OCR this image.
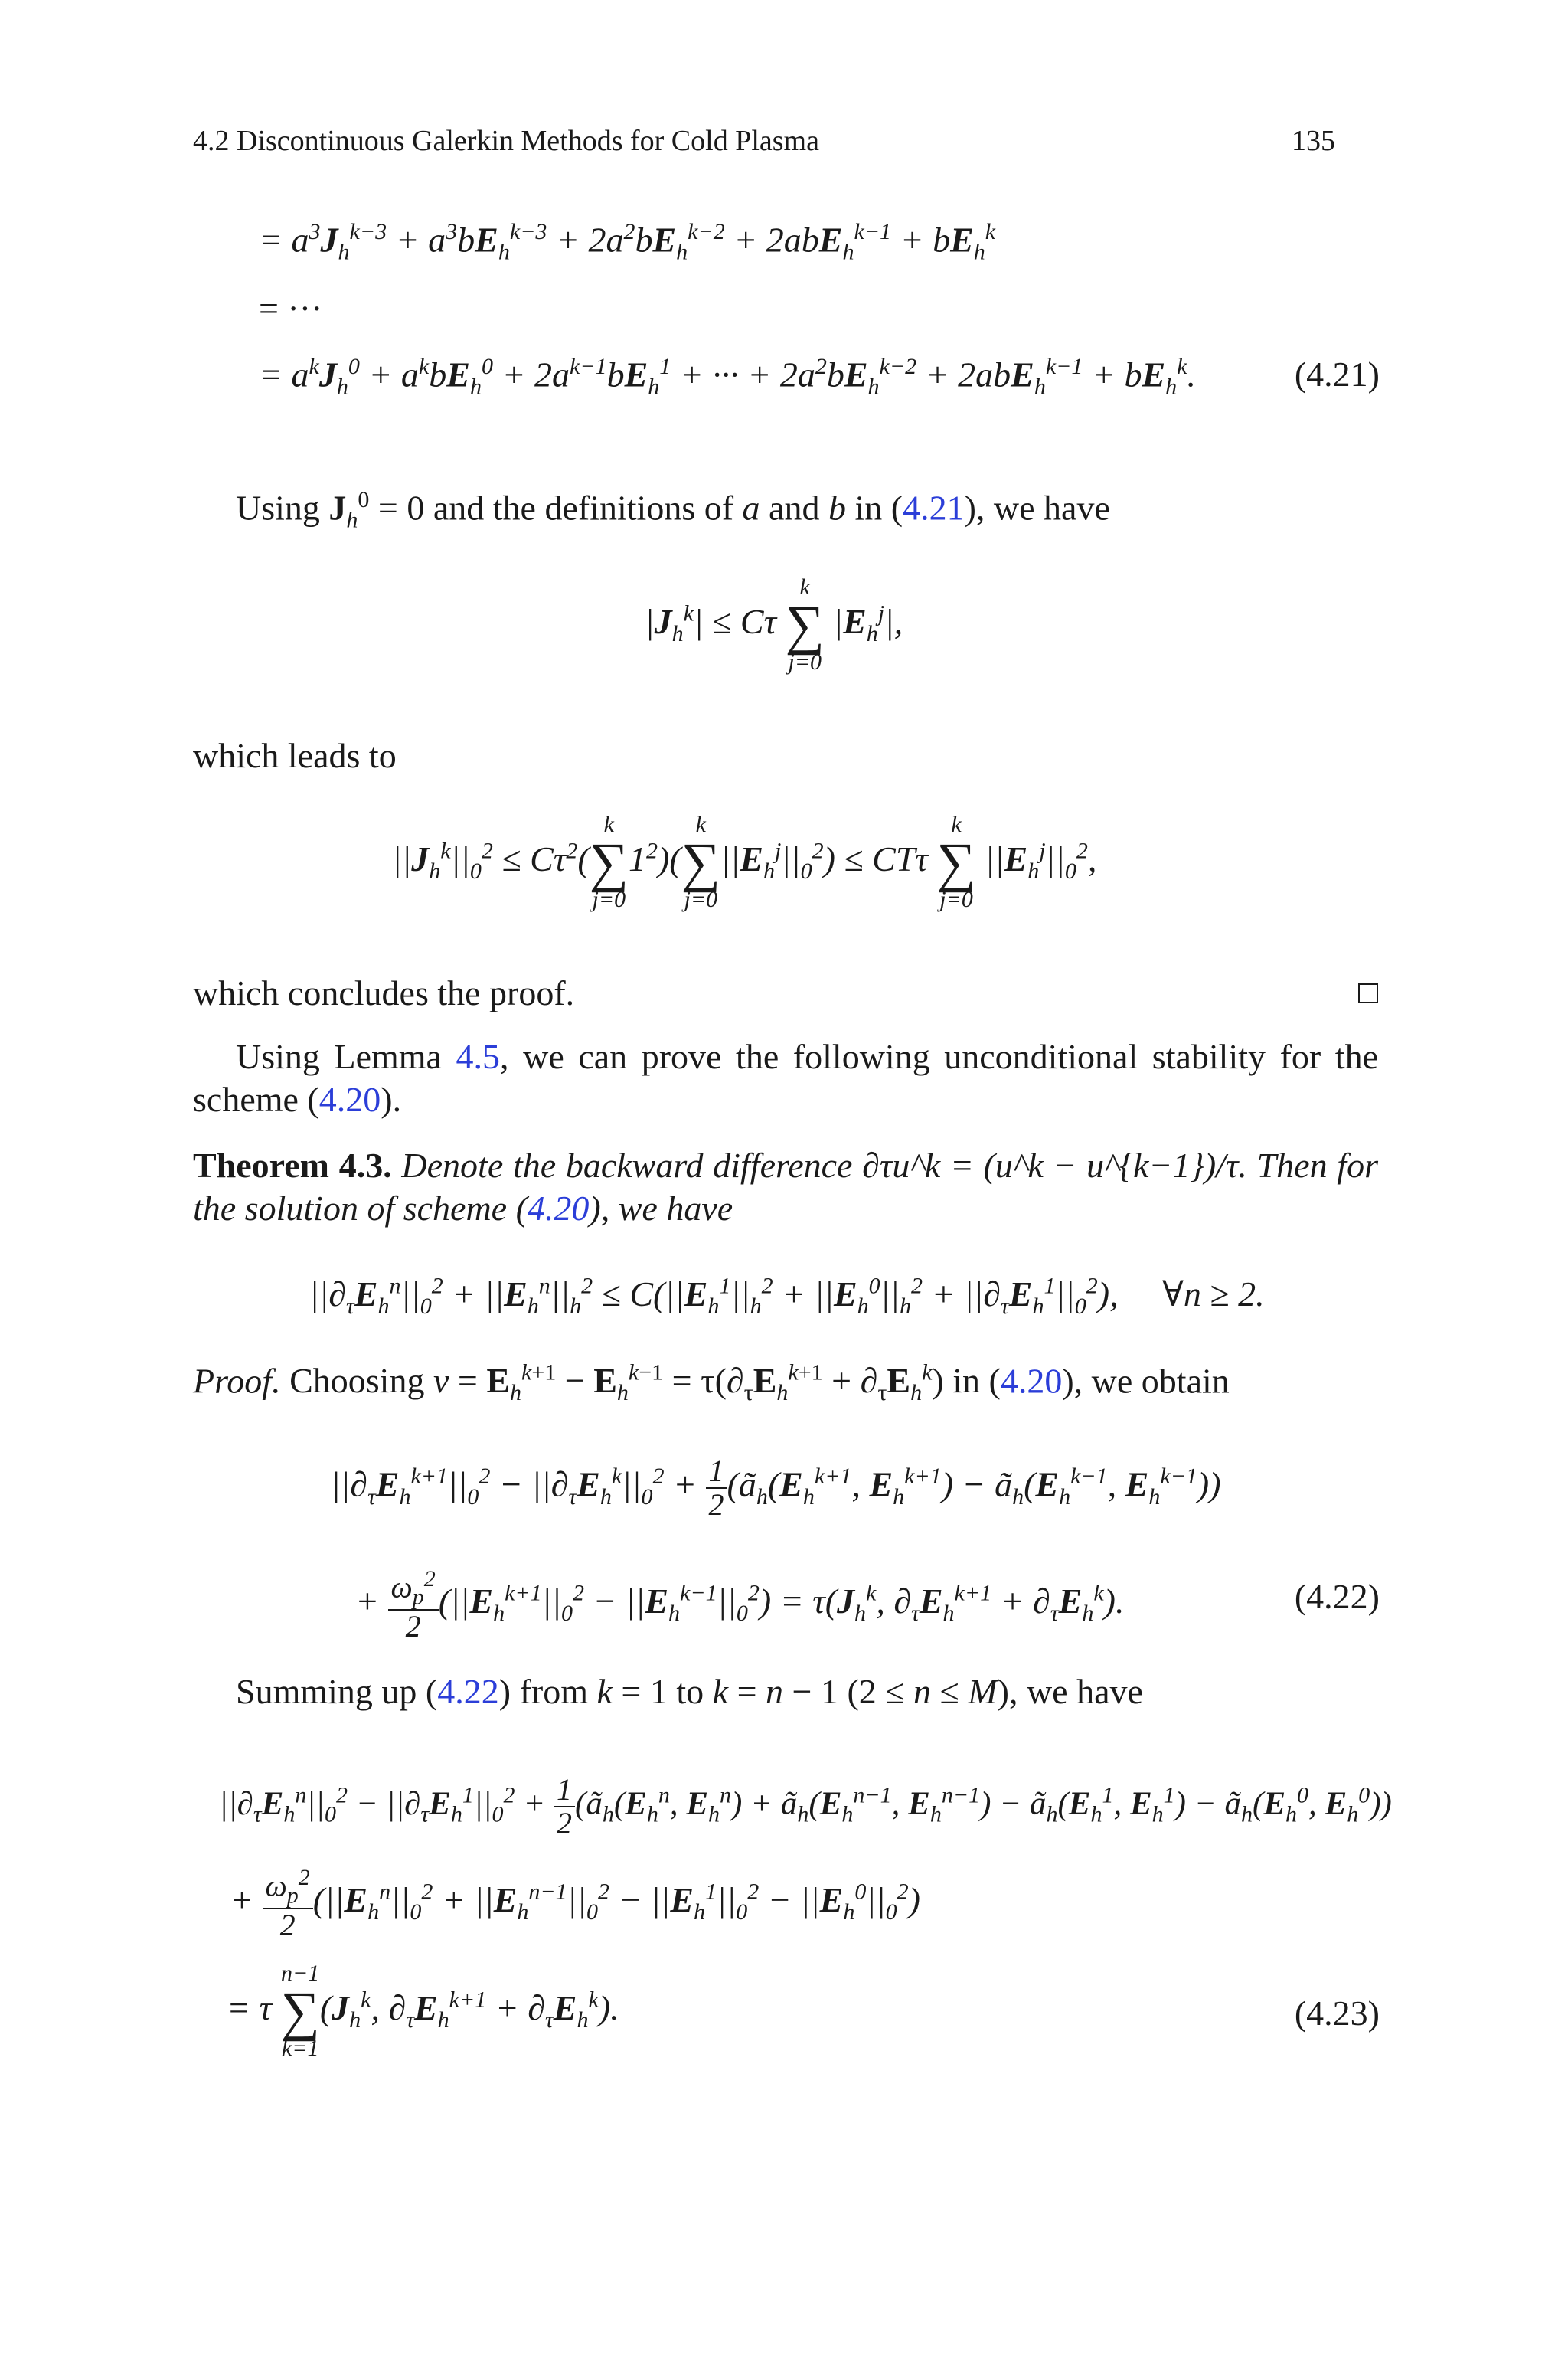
4.2 Discontinuous Galerkin Methods for Cold Plasma	135
= $a^3J_h^{k-3} + a^3bE_h^{k-3} + 2a^2bE_h^{k-2} + 2abE_h^{k-1} + bE_h^k$
= ···
= $a^kJ_h^0 + a^kbE_h^0 + 2a^{k-1}bE_h^1$ + ··· + $2a^2bE_h^{k-2} + 2abE_h^{k-1} + bE_h^k$.	(4.21)
Using $J_h^0 = 0$ and the definitions of a and b in (4.21), we have
$|J_h^k| \le C\tau$
k
∑
j=0
$|E_h^j|$,
which leads to
$||J_h^k||_0^2 \le C\tau^2$(
k
∑
j=0
$1^2$)(
k
∑
j=0
$||E_h^j||_0^2) \le CT\tau$
k
∑
j=0
$||E_h^j||_0^2$,
which concludes the proof.
Using Lemma 4.5, we can prove the following unconditional stability for the scheme (4.20).
Theorem 4.3. Denote the backward difference ∂τu^k = (u^k − u^{k−1})/τ. Then for the solution of scheme (4.20), we have
$||\partial_\tau E_h^n||_0^2 + ||E_h^n||_h^2 \le C(||E_h^1||_h^2 + ||E_h^0||_h^2 + ||\partial_\tau E_h^1||_0^2)$,     ∀n ≥ 2.
Proof. Choosing $v = E_h^{k+1} - E_h^{k-1} = \tau(\partial_\tau E_h^{k+1} + \partial_\tau E_h^k)$ in (4.20), we obtain
$||\partial_\tau E_h^{k+1}||_0^2 - ||\partial_\tau E_h^k||_0^2 + \frac{1}{2}$ ($ã_h(E_h^{k+1}$, $E_h^{k+1}$) − $ã_h(E_h^{k-1}$, $E_h^{k-1}$))
+ $\frac{\omega_p^2}{2} (||E_h^{k+1}||_0^2 - ||E_h^{k-1}||_0^2) = \tau(J_h^k$, $\partial_\tau E_h^{k+1} + \partial_\tau E_h^k$).	(4.22)
Summing up (4.22) from k = 1 to k = n − 1 (2 ≤ n ≤ M), we have
$||\partial_\tau E_h^n||_0^2 - ||\partial_\tau E_h^1||_0^2 + \frac{1}{2}$ ($ã_h(E_h^n$, $E_h^n$) + $ã_h(E_h^{n-1}$, $E_h^{n-1}$) − $ã_h(E_h^1$, $E_h^1$) − $ã_h(E_h^0$, $E_h^0$))
+ $\frac{\omega_p^2}{2} (||E_h^n||_0^2 + ||E_h^{n-1}||_0^2 - ||E_h^1||_0^2 - ||E_h^0||_0^2)$
= τ
n−1
∑
k=1
($J_h^k$, $\partial_\tau E_h^{k+1} + \partial_\tau E_h^k$).	(4.23)
